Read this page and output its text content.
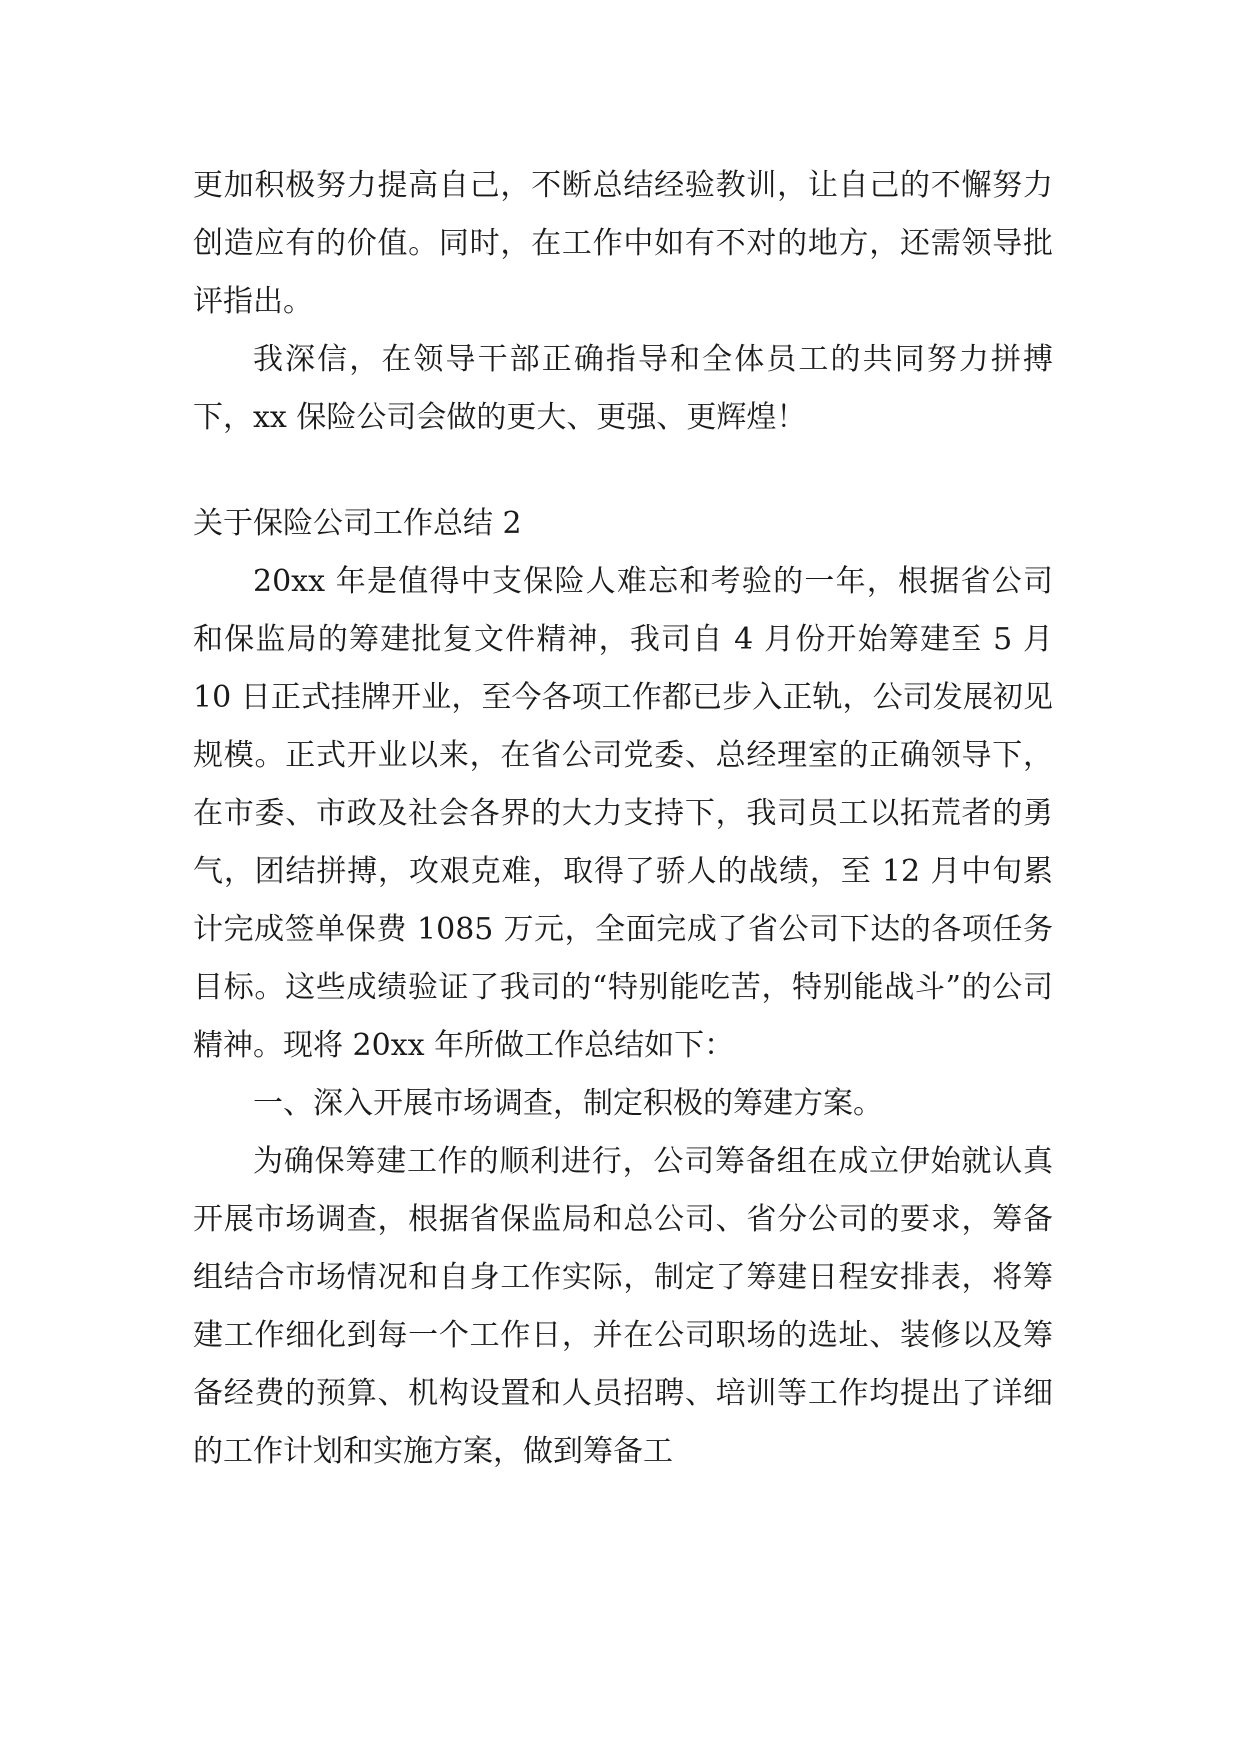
更加积极努力提高自己，不断总结经验教训，让自己的不懈努力创造应有的价值。同时，在工作中如有不对的地方，还需领导批评指出。

我深信，在领导干部正确指导和全体员工的共同努力拼搏下，xx 保险公司会做的更大、更强、更辉煌！

关于保险公司工作总结 2

20xx 年是值得中支保险人难忘和考验的一年，根据省公司和保监局的筹建批复文件精神，我司自 4 月份开始筹建至 5 月 10 日正式挂牌开业，至今各项工作都已步入正轨，公司发展初见规模。正式开业以来，在省公司党委、总经理室的正确领导下，在市委、市政及社会各界的大力支持下，我司员工以拓荒者的勇气，团结拼搏，攻艰克难，取得了骄人的战绩，至 12 月中旬累计完成签单保费 1085 万元，全面完成了省公司下达的各项任务目标。这些成绩验证了我司的“特别能吃苦，特别能战斗”的公司精神。现将 20xx 年所做工作总结如下：

一、深入开展市场调查，制定积极的筹建方案。

为确保筹建工作的顺利进行，公司筹备组在成立伊始就认真开展市场调查，根据省保监局和总公司、省分公司的要求，筹备组结合市场情况和自身工作实际，制定了筹建日程安排表，将筹建工作细化到每一个工作日，并在公司职场的选址、装修以及筹备经费的预算、机构设置和人员招聘、培训等工作均提出了详细的工作计划和实施方案，做到筹备工
